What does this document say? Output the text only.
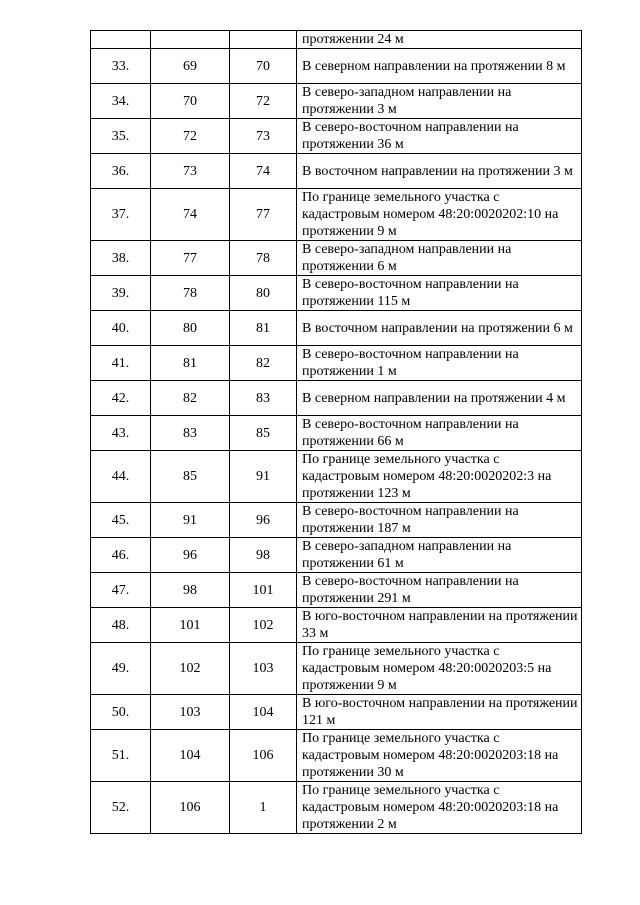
			протяжении 24 м
33.	69	70	В северном направлении на протяжении 8 м
34.	70	72	В северо-западном направлении на протяжении 3 м
35.	72	73	В северо-восточном направлении на протяжении 36 м
36.	73	74	В восточном направлении на протяжении 3 м
37.	74	77	По границе земельного участка с кадастровым номером 48:20:0020202:10 на протяжении 9 м
38.	77	78	В северо-западном направлении на протяжении 6 м
39.	78	80	В северо-восточном направлении на протяжении 115 м
40.	80	81	В восточном направлении на протяжении 6 м
41.	81	82	В северо-восточном направлении на протяжении 1 м
42.	82	83	В северном направлении на протяжении 4 м
43.	83	85	В северо-восточном направлении на протяжении 66 м
44.	85	91	По границе земельного участка с кадастровым номером 48:20:0020202:3 на протяжении 123 м
45.	91	96	В северо-восточном направлении на протяжении 187 м
46.	96	98	В северо-западном направлении на протяжении 61 м
47.	98	101	В северо-восточном направлении на протяжении 291 м
48.	101	102	В юго-восточном направлении на протяжении 33 м
49.	102	103	По границе земельного участка с кадастровым номером 48:20:0020203:5 на протяжении 9 м
50.	103	104	В юго-восточном направлении на протяжении 121 м
51.	104	106	По границе земельного участка с кадастровым номером 48:20:0020203:18 на протяжении 30 м
52.	106	1	По границе земельного участка с кадастровым номером 48:20:0020203:18 на протяжении 2 м
